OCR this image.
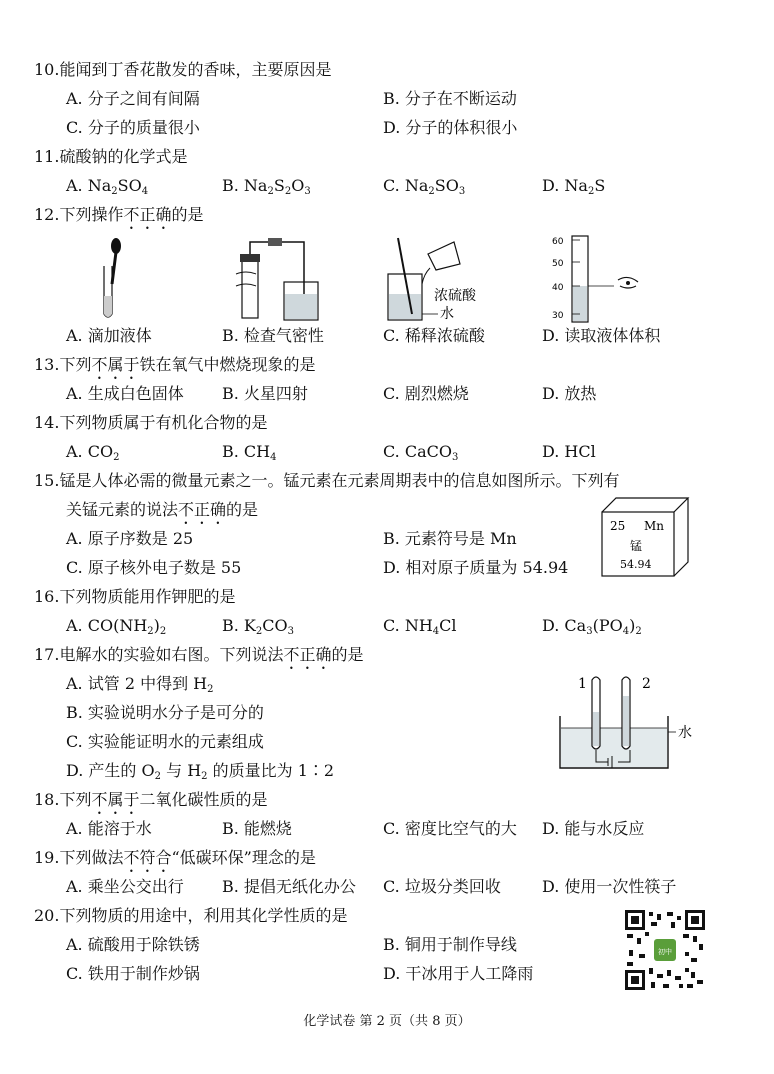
10.能闻到丁香花散发的香味，主要原因是
A. 分子之间有间隔	B. 分子在不断运动
C. 分子的质量很小	D. 分子的体积很小
11.硫酸钠的化学式是
A. $Na_2SO_4$	B. $Na_2S_2O_3$	C. $Na_2SO_3$	D. $Na_2S$
12.下列操作不正确的是
浓硫酸
水
60
50
40
30
A. 滴加液体	B. 检查气密性	C. 稀释浓硫酸	D. 读取液体体积
13.下列不属于铁在氧气中燃烧现象的是
A. 生成白色固体 B. 火星四射	C. 剧烈燃烧	D. 放热
14.下列物质属于有机化合物的是
A. $CO_2$	B. $CH_4$	C. CaCO$_3$	D. HCl
15.锰是人体必需的微量元素之一。锰元素在元素周期表中的信息如图所示。下列有
关锰元素的说法不正确的是
A. 原子序数是 25	B. 元素符号是 Mn
C. 原子核外电子数是 55	D. 相对原子质量为 54.94
25 Mn
锰
54.94
16.下列物质能用作钾肥的是
A. $CO(NH_2)_2$	B. $K_2CO_3$	C. $NH_4Cl$	D. $Ca_3(PO_4)_2$
17.电解水的实验如右图。下列说法不正确的是
A. 试管 2 中得到 $H_2$
B. 实验说明水分子是可分的
C. 实验能证明水的元素组成
D. 产生的 $O_2$ 与 $H_2$ 的质量比为 1∶2
1	2
水
18.下列不属于二氧化碳性质的是
A. 能溶于水	B. 能燃烧	C. 密度比空气的大 D. 能与水反应
19.下列做法不符合“低碳环保”理念的是
A. 乘坐公交出行 B. 提倡无纸化办公 C. 垃圾分类回收	D. 使用一次性筷子
20.下列物质的用途中，利用其化学性质的是
A. 硫酸用于除铁锈	B. 铜用于制作导线
C. 铁用于制作炒锅	D. 干冰用于人工降雨
初中
化学试卷 第 2 页（共 8 页）
